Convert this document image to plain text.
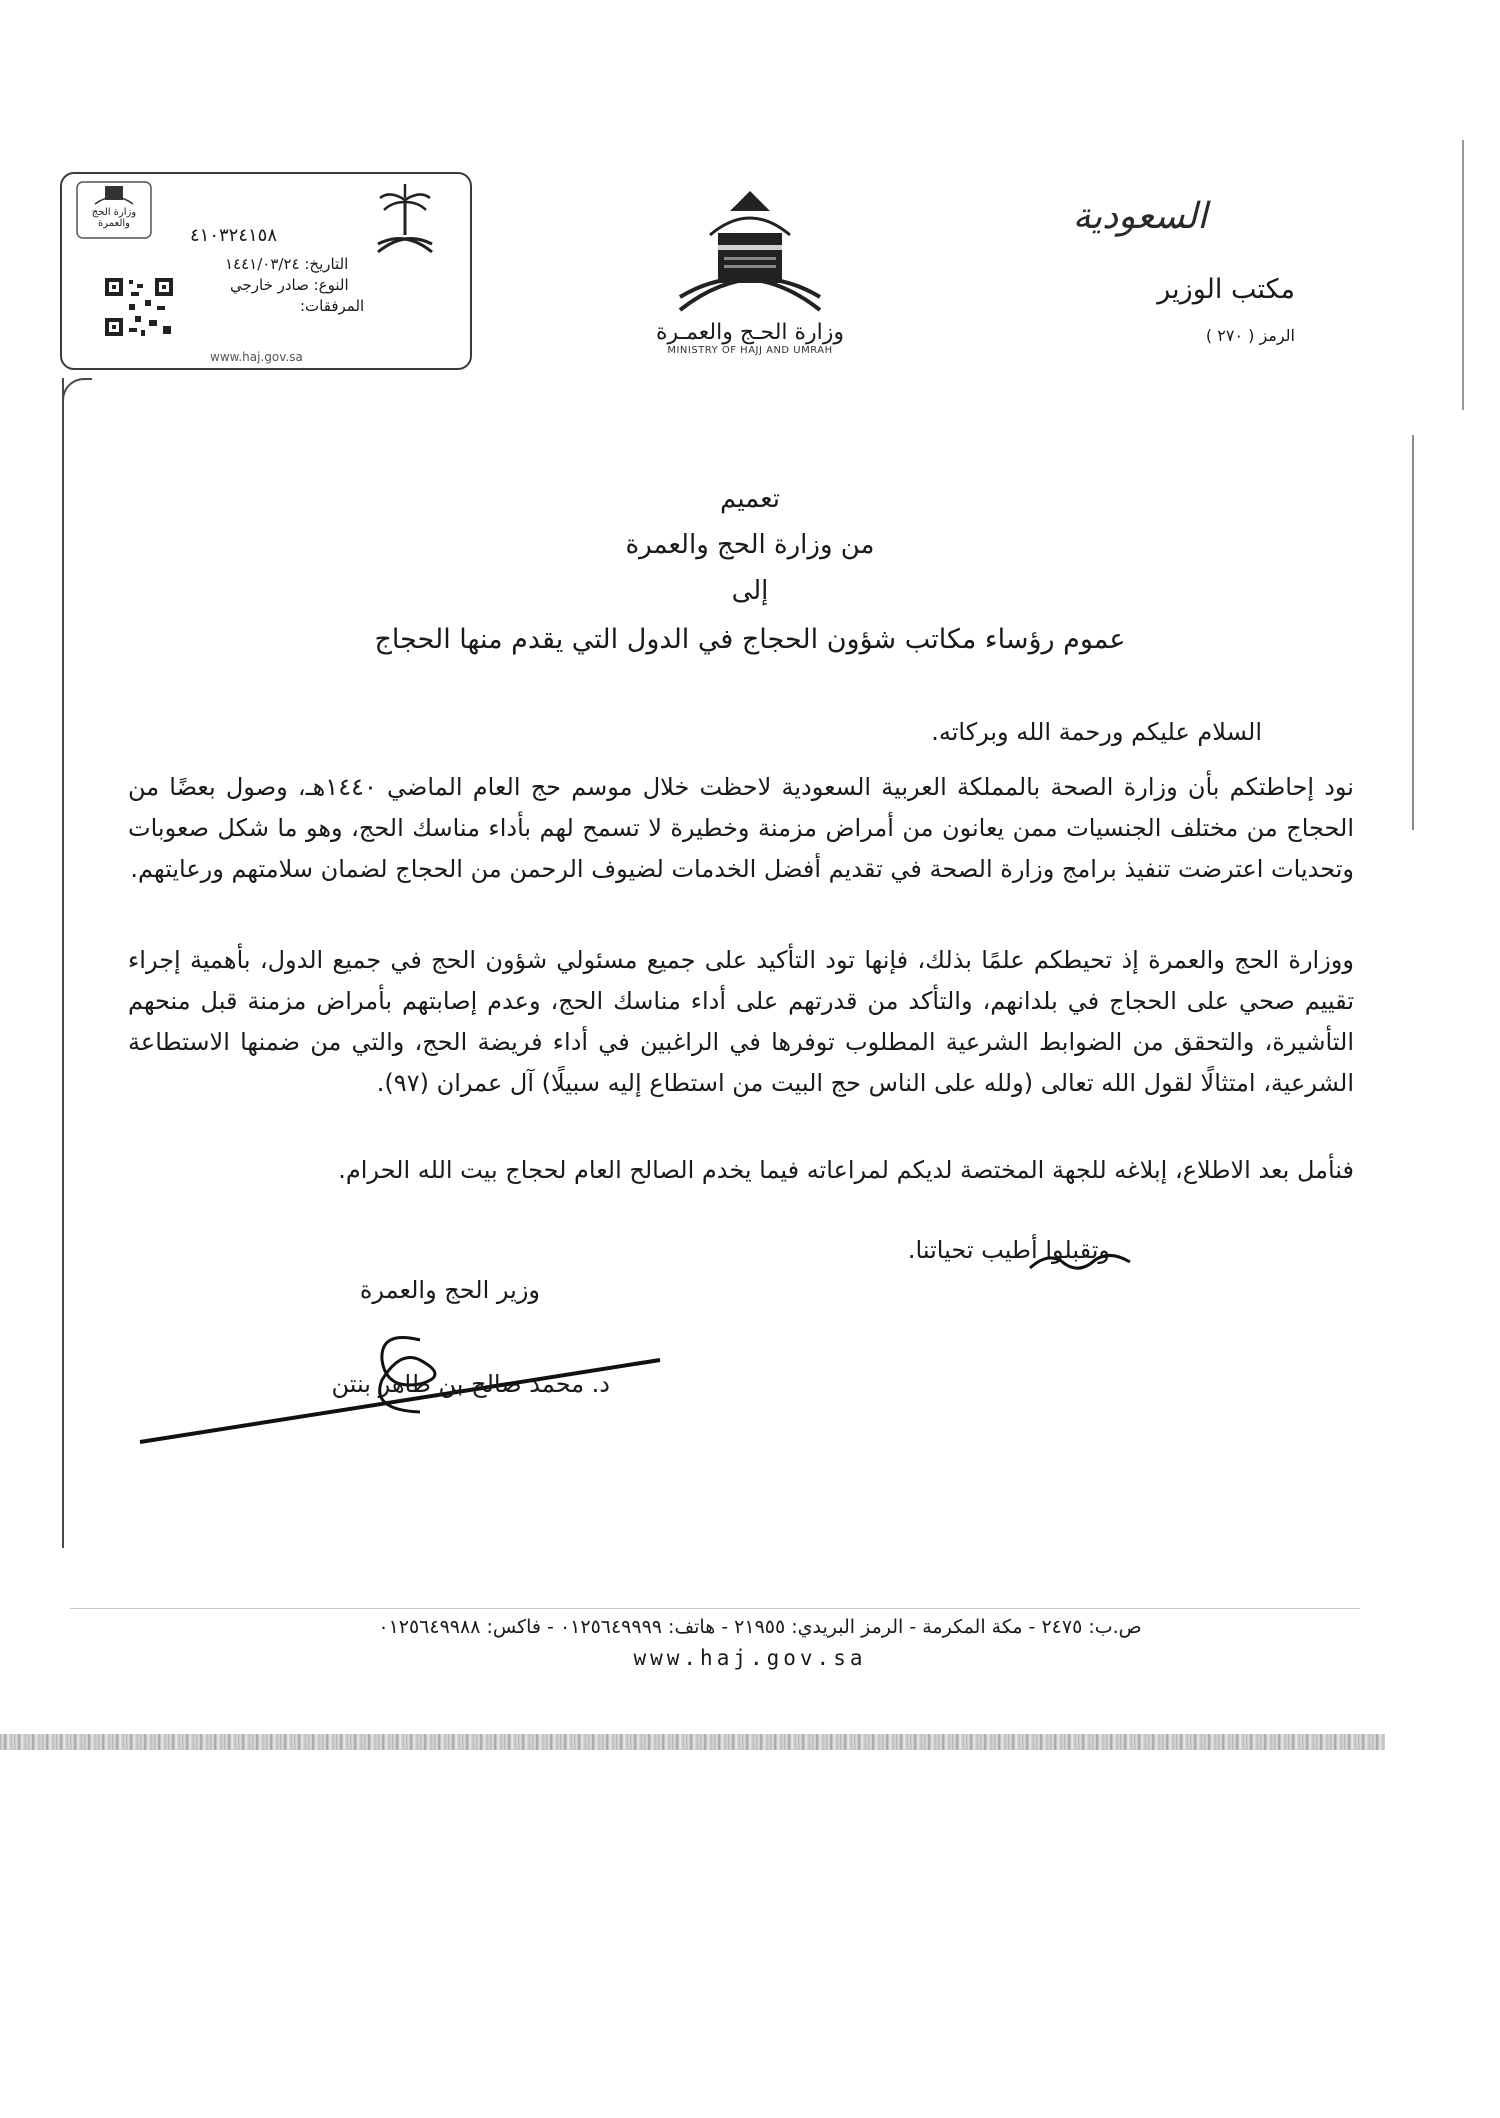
وزارة الحج والعمرة
٤١٠٣٢٤١٥٨
التاريخ: ١٤٤١/٠٣/٢٤
النوع: صادر خارجي
المرفقات:
www.haj.gov.sa
وزارة الحـج والعمـرة
MINISTRY OF HAJJ AND UMRAH
السعودية
مكتب الوزير
الرمز ( ٢٧٠ )
تعميم
من وزارة الحج والعمرة
إلى
عموم رؤساء مكاتب شؤون الحجاج في الدول التي يقدم منها الحجاج
السلام عليكم ورحمة الله وبركاته.
نود إحاطتكم بأن وزارة الصحة بالمملكة العربية السعودية لاحظت خلال موسم حج العام الماضي ١٤٤٠هـ، وصول بعضًا من الحجاج من مختلف الجنسيات ممن يعانون من أمراض مزمنة وخطيرة لا تسمح لهم بأداء مناسك الحج، وهو ما شكل صعوبات وتحديات اعترضت تنفيذ برامج وزارة الصحة في تقديم أفضل الخدمات لضيوف الرحمن من الحجاج لضمان سلامتهم ورعايتهم.
ووزارة الحج والعمرة إذ تحيطكم علمًا بذلك، فإنها تود التأكيد على جميع مسئولي شؤون الحج في جميع الدول، بأهمية إجراء تقييم صحي على الحجاج في بلدانهم، والتأكد من قدرتهم على أداء مناسك الحج، وعدم إصابتهم بأمراض مزمنة قبل منحهم التأشيرة، والتحقق من الضوابط الشرعية المطلوب توفرها في الراغبين في أداء فريضة الحج، والتي من ضمنها الاستطاعة الشرعية، امتثالًا لقول الله تعالى (ولله على الناس حج البيت من استطاع إليه سبيلًا) آل عمران (٩٧).
فنأمل بعد الاطلاع، إبلاغه للجهة المختصة لديكم لمراعاته فيما يخدم الصالح العام لحجاج بيت الله الحرام.
وتقبلوا أطيب تحياتنا.
وزير الحج والعمرة
د. محمد صالح بن طاهر بنتن
ص.ب: ٢٤٧٥ - مكة المكرمة - الرمز البريدي: ٢١٩٥٥ - هاتف: ٠١٢٥٦٤٩٩٩٩ - فاكس: ٠١٢٥٦٤٩٩٨٨
www.haj.gov.sa
